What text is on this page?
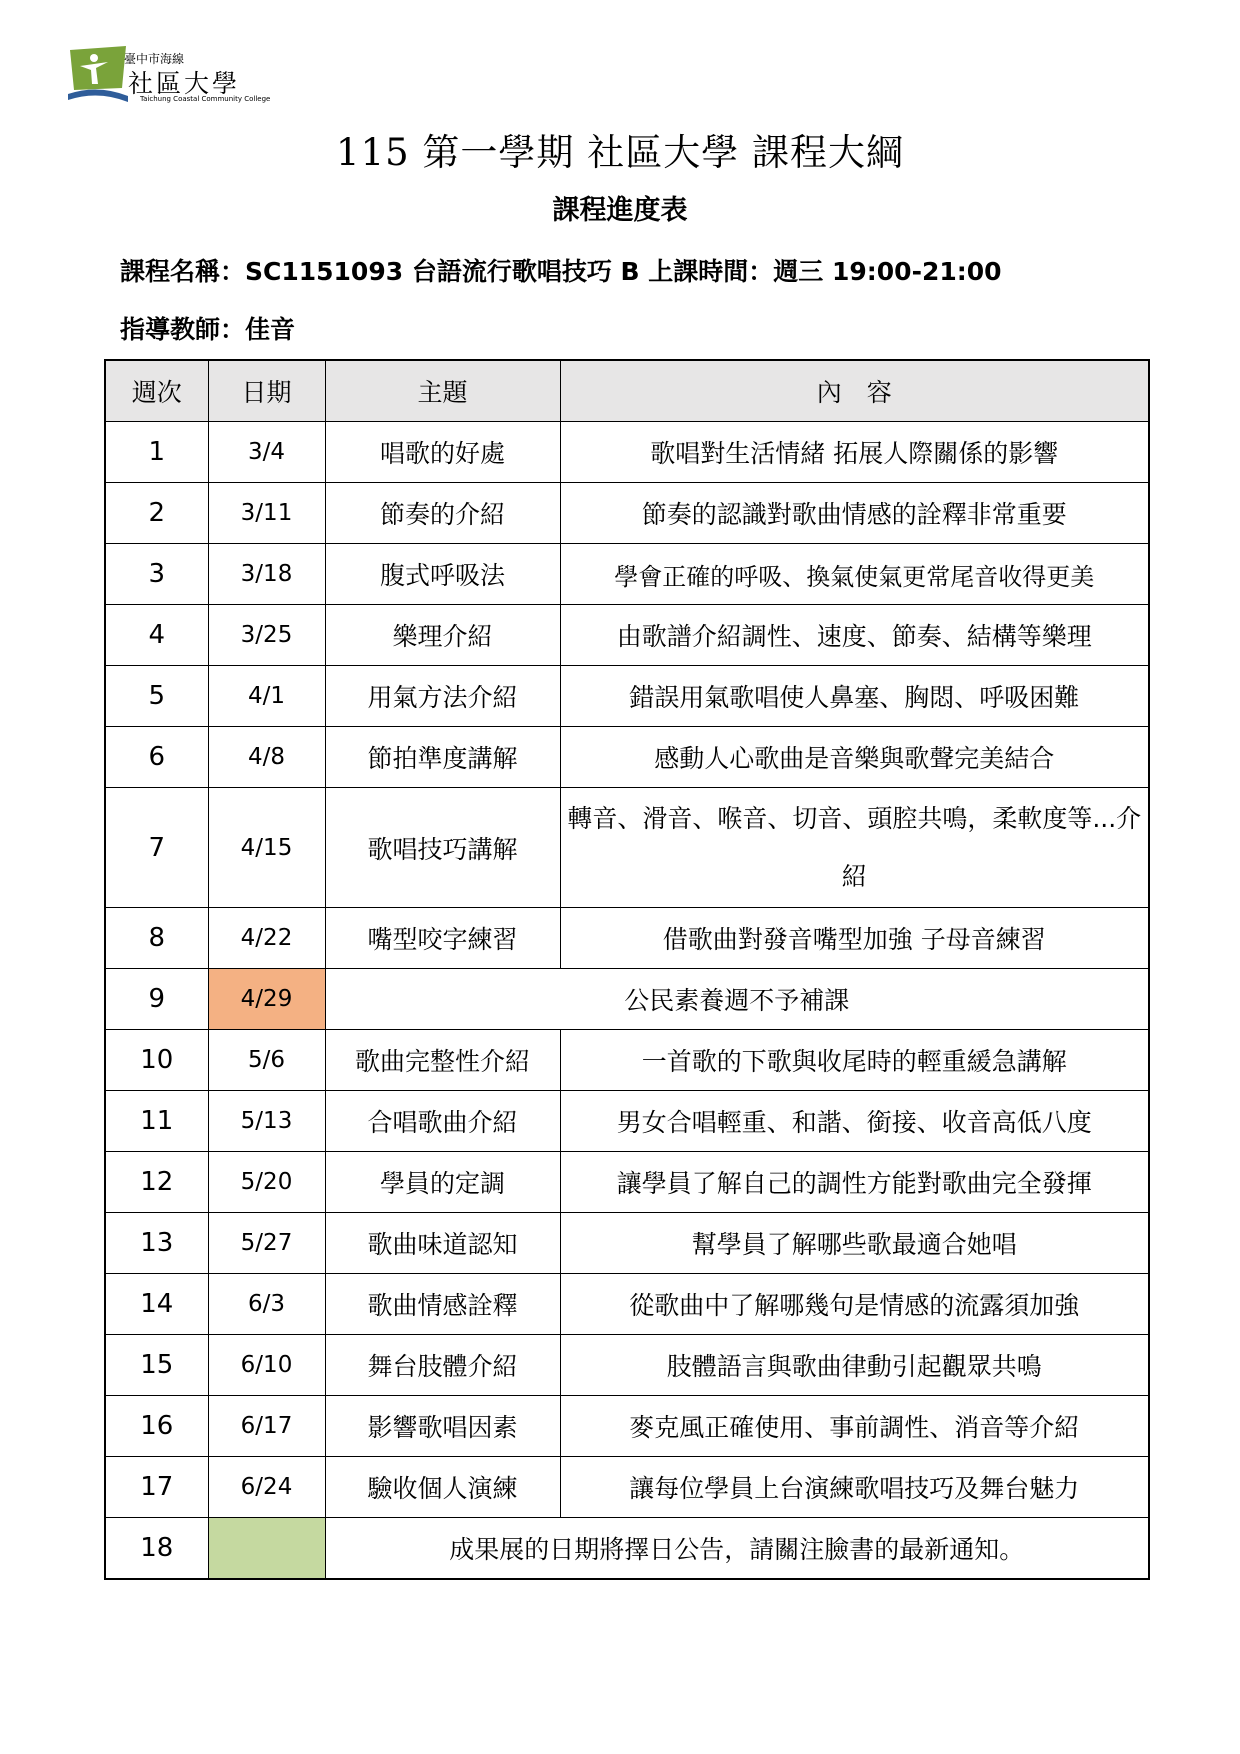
臺中市海線
社區大學
Taichung Coastal Community College
115 第一學期 社區大學 課程大綱
課程進度表
課程名稱：SC1151093 台語流行歌唱技巧 B 上課時間：週三 19:00-21:00
指導教師：佳音
週次	日期	主題	內　容
1	3/4	唱歌的好處	歌唱對生活情緒 拓展人際關係的影響
2	3/11	節奏的介紹	節奏的認識對歌曲情感的詮釋非常重要
3	3/18	腹式呼吸法	學會正確的呼吸、換氣使氣更常尾音收得更美
4	3/25	樂理介紹	由歌譜介紹調性、速度、節奏、結構等樂理
5	4/1	用氣方法介紹	錯誤用氣歌唱使人鼻塞、胸悶、呼吸困難
6	4/8	節拍準度講解	感動人心歌曲是音樂與歌聲完美結合
7	4/15	歌唱技巧講解	轉音、滑音、喉音、切音、頭腔共鳴，柔軟度等...介紹
8	4/22	嘴型咬字練習	借歌曲對發音嘴型加強 子母音練習
9	4/29	公民素養週不予補課	
10	5/6	歌曲完整性介紹	一首歌的下歌與收尾時的輕重緩急講解
11	5/13	合唱歌曲介紹	男女合唱輕重、和諧、銜接、收音高低八度
12	5/20	學員的定調	讓學員了解自己的調性方能對歌曲完全發揮
13	5/27	歌曲味道認知	幫學員了解哪些歌最適合她唱
14	6/3	歌曲情感詮釋	從歌曲中了解哪幾句是情感的流露須加強
15	6/10	舞台肢體介紹	肢體語言與歌曲律動引起觀眾共鳴
16	6/17	影響歌唱因素	麥克風正確使用、事前調性、消音等介紹
17	6/24	驗收個人演練	讓每位學員上台演練歌唱技巧及舞台魅力
18		成果展的日期將擇日公告，請關注臉書的最新通知。	
